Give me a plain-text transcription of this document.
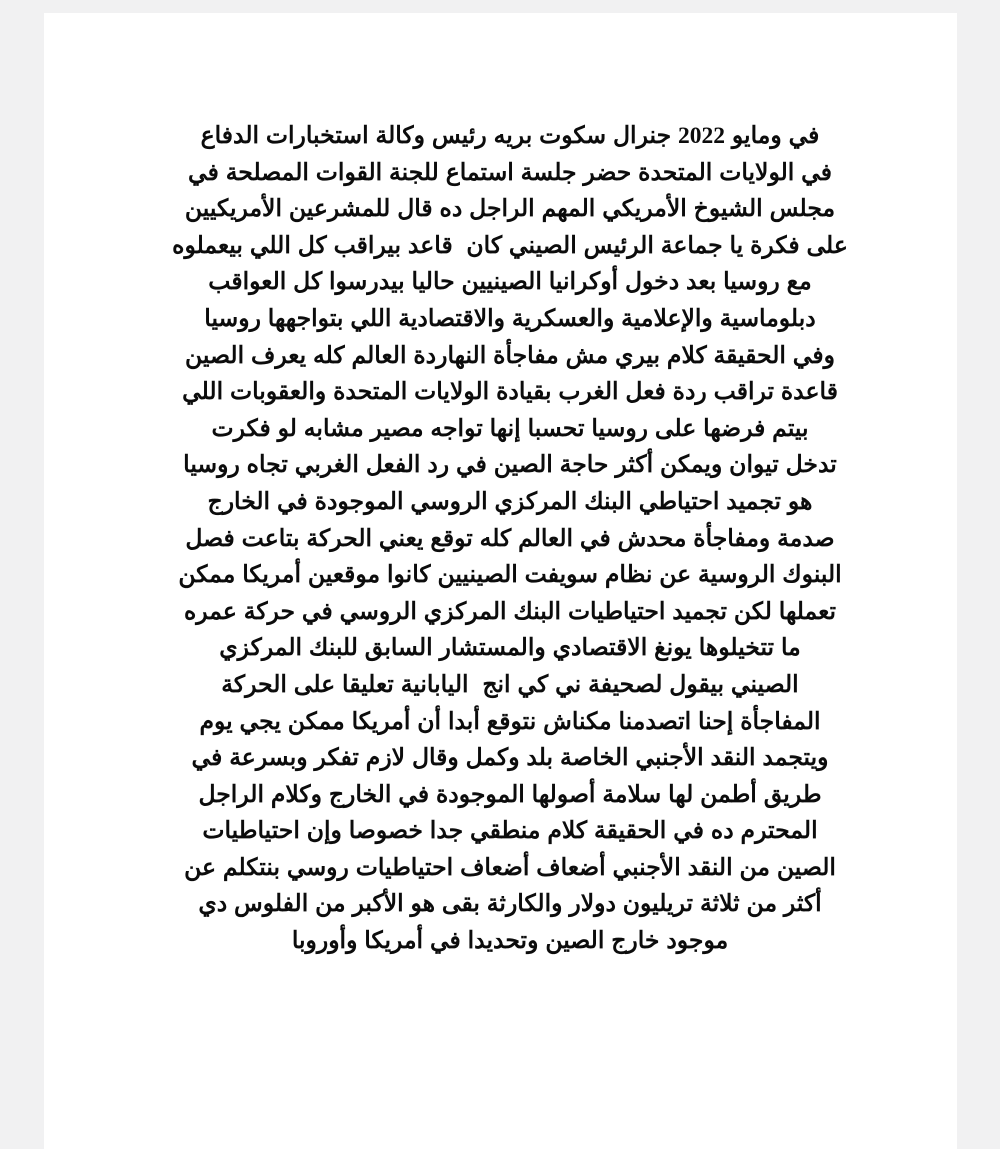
في ومايو 2022 جنرال سكوت بريه رئيس وكالة استخبارات الدفاع
في الولايات المتحدة حضر جلسة استماع للجنة القوات المصلحة في
مجلس الشيوخ الأمريكي المهم الراجل ده قال للمشرعين الأمريكيين
على فكرة يا جماعة الرئيس الصيني كان  قاعد بيراقب كل اللي بيعملوه
مع روسيا بعد دخول أوكرانيا الصينيين حاليا بيدرسوا كل العواقب
دبلوماسية والإعلامية والعسكرية والاقتصادية اللي بتواجهها روسيا
وفي الحقيقة كلام بيري مش مفاجأة النهاردة العالم كله يعرف الصين
قاعدة تراقب ردة فعل الغرب بقيادة الولايات المتحدة والعقوبات اللي
بيتم فرضها على روسيا تحسبا إنها تواجه مصير مشابه لو فكرت
تدخل تيوان ويمكن أكثر حاجة الصين في رد الفعل الغربي تجاه روسيا
هو تجميد احتياطي البنك المركزي الروسي الموجودة في الخارج
صدمة ومفاجأة محدش في العالم كله توقع يعني الحركة بتاعت فصل
البنوك الروسية عن نظام سويفت الصينيين كانوا موقعين أمريكا ممكن
تعملها لكن تجميد احتياطيات البنك المركزي الروسي في حركة عمره
ما تتخيلوها يونغ الاقتصادي والمستشار السابق للبنك المركزي
الصيني بيقول لصحيفة ني كي انج  اليابانية تعليقا على الحركة
المفاجأة إحنا اتصدمنا مكناش نتوقع أبدا أن أمريكا ممكن يجي يوم
ويتجمد النقد الأجنبي الخاصة بلد وكمل وقال لازم تفكر وبسرعة في
طريق أطمن لها سلامة أصولها الموجودة في الخارج وكلام الراجل
المحترم ده في الحقيقة كلام منطقي جدا خصوصا وإن احتياطيات
الصين من النقد الأجنبي أضعاف أضعاف احتياطيات روسي بنتكلم عن
أكثر من ثلاثة تريليون دولار والكارثة بقى هو الأكبر من الفلوس دي
موجود خارج الصين وتحديدا في أمريكا وأوروبا
